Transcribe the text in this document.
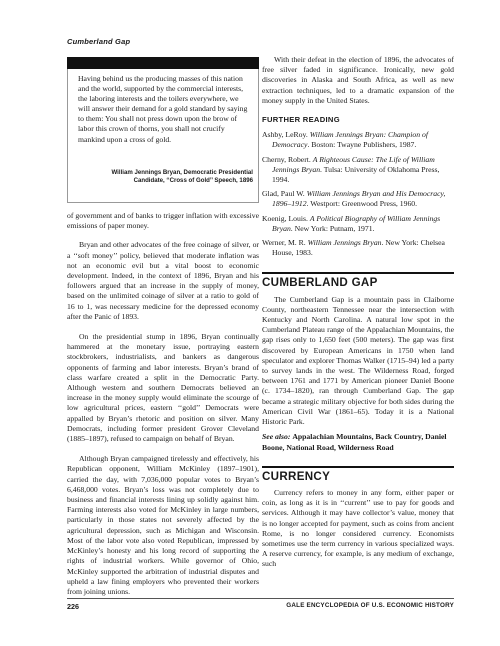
Cumberland Gap
Having behind us the producing masses of this nation and the world, supported by the commercial interests, the laboring interests and the toilers everywhere, we will answer their demand for a gold standard by saying to them: You shall not press down upon the brow of labor this crown of thorns, you shall not crucify mankind upon a cross of gold.
William Jennings Bryan, Democratic Presidential
Candidate, ‘‘Cross of Gold’’ Speech, 1896

of government and of banks to trigger inflation with excessive emissions of paper money.

Bryan and other advocates of the free coinage of silver, or a ‘‘soft money’’ policy, believed that moderate inflation was not an economic evil but a vital boost to economic development. Indeed, in the context of 1896, Bryan and his followers argued that an increase in the supply of money, based on the unlimited coinage of silver at a ratio to gold of 16 to 1, was necessary medicine for the depressed economy after the Panic of 1893.

On the presidential stump in 1896, Bryan continually hammered at the monetary issue, portraying eastern stockbrokers, industrialists, and bankers as dangerous opponents of farming and labor interests. Bryan’s brand of class warfare created a split in the Democratic Party. Although western and southern Democrats believed an increase in the money supply would eliminate the scourge of low agricultural prices, eastern ‘‘gold’’ Democrats were appalled by Bryan’s rhetoric and position on silver. Many Democrats, including former president Grover Cleveland (1885–1897), refused to campaign on behalf of Bryan.

Although Bryan campaigned tirelessly and effectively, his Republican opponent, William McKinley (1897–1901), carried the day, with 7,036,000 popular votes to Bryan’s 6,468,000 votes. Bryan’s loss was not completely due to business and financial interests lining up solidly against him. Farming interests also voted for McKinley in large numbers, particularly in those states not severely affected by the agricultural depression, such as Michigan and Wisconsin. Most of the labor vote also voted Republican, impressed by McKinley’s honesty and his long record of supporting the rights of industrial workers. While governor of Ohio, McKinley supported the arbitration of industrial disputes and upheld a law fining employers who prevented their workers from joining unions.

With their defeat in the election of 1896, the advocates of free silver faded in significance. Ironically, new gold discoveries in Alaska and South Africa, as well as new extraction techniques, led to a dramatic expansion of the money supply in the United States.

FURTHER READING
Ashby, LeRoy. William Jennings Bryan: Champion of Democracy. Boston: Twayne Publishers, 1987.
Cherny, Robert. A Righteous Cause: The Life of William Jennings Bryan. Tulsa: University of Oklahoma Press, 1994.
Glad, Paul W. William Jennings Bryan and His Democracy, 1896–1912. Westport: Greenwood Press, 1960.
Koenig, Louis. A Political Biography of William Jennings Bryan. New York: Putnam, 1971.
Werner, M. R. William Jennings Bryan. New York: Chelsea House, 1983.
CUMBERLAND GAP

The Cumberland Gap is a mountain pass in Claiborne County, northeastern Tennessee near the intersection with Kentucky and North Carolina. A natural low spot in the Cumberland Plateau range of the Appalachian Mountains, the gap rises only to 1,650 feet (500 meters). The gap was first discovered by European Americans in 1750 when land speculator and explorer Thomas Walker (1715–94) led a party to survey lands in the west. The Wilderness Road, forged between 1761 and 1771 by American pioneer Daniel Boone (c. 1734–1820), ran through Cumberland Gap. The gap became a strategic military objective for both sides during the American Civil War (1861–65). Today it is a National Historic Park.

See also: Appalachian Mountains, Back Country, Daniel Boone, National Road, Wilderness Road
CURRENCY

Currency refers to money in any form, either paper or coin, as long as it is in ‘‘current’’ use to pay for goods and services. Although it may have collector’s value, money that is no longer accepted for payment, such as coins from ancient Rome, is no longer considered currency. Economists sometimes use the term currency in various specialized ways. A reserve currency, for example, is any medium of exchange, such

226	GALE ENCYCLOPEDIA OF U.S. ECONOMIC HISTORY
